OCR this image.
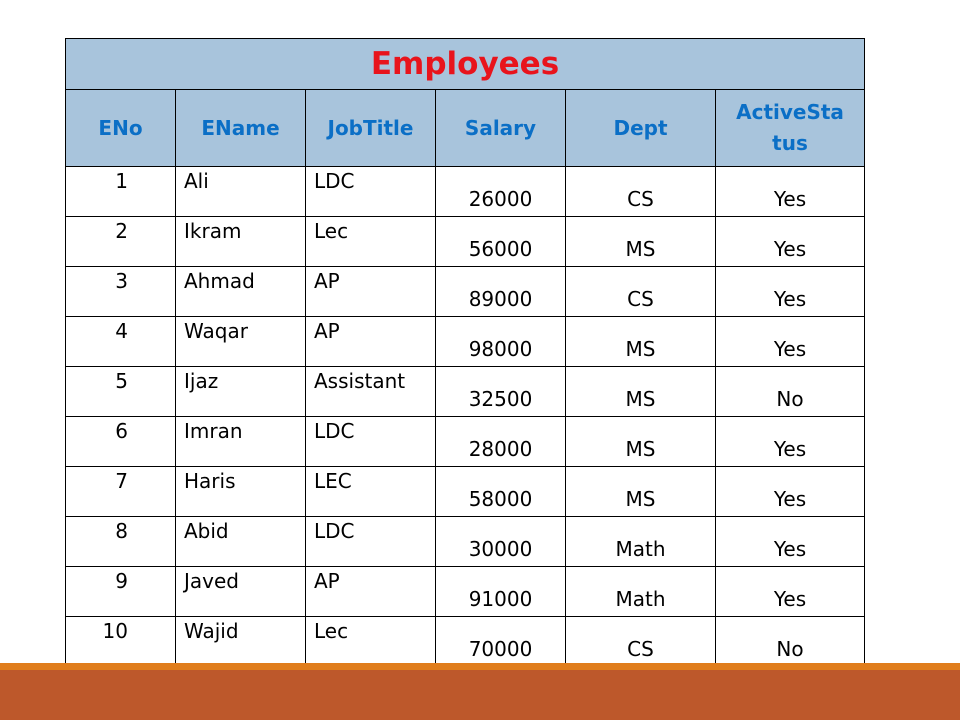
Employees					
ENo	EName	JobTitle	Salary	Dept	ActiveStatus
1	Ali	LDC	26000	CS	Yes
2	Ikram	Lec	56000	MS	Yes
3	Ahmad	AP	89000	CS	Yes
4	Waqar	AP	98000	MS	Yes
5	Ijaz	Assistant	32500	MS	No
6	Imran	LDC	28000	MS	Yes
7	Haris	LEC	58000	MS	Yes
8	Abid	LDC	30000	Math	Yes
9	Javed	AP	91000	Math	Yes
10	Wajid	Lec	70000	CS	No
